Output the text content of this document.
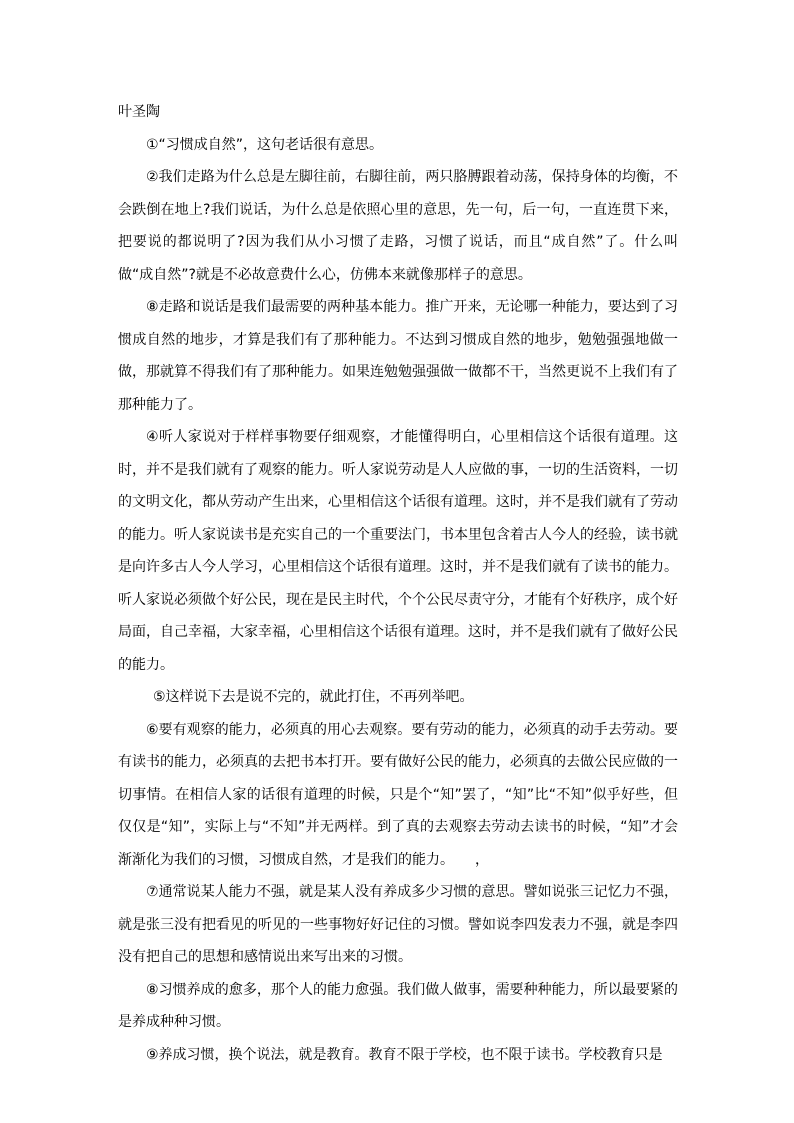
叶圣陶

①“习惯成自然”，这句老话很有意思。

②我们走路为什么总是左脚往前，右脚往前，两只胳膊跟着动荡，保持身体的均衡，不会跌倒在地上?我们说话，为什么总是依照心里的意思，先一句，后一句，一直连贯下来，把要说的都说明了?因为我们从小习惯了走路，习惯了说话，而且“成自然”了。什么叫做“成自然”?就是不必故意费什么心，仿佛本来就像那样子的意思。

⑧走路和说话是我们最需要的两种基本能力。推广开来，无论哪一种能力，要达到了习惯成自然的地步，才算是我们有了那种能力。不达到习惯成自然的地步，勉勉强强地做一做，那就算不得我们有了那种能力。如果连勉勉强强做一做都不干，当然更说不上我们有了那种能力了。

④听人家说对于样样事物要仔细观察，才能懂得明白，心里相信这个话很有道理。这时，并不是我们就有了观察的能力。听人家说劳动是人人应做的事，一切的生活资料，一切的文明文化，都从劳动产生出来，心里相信这个话很有道理。这时，并不是我们就有了劳动的能力。听人家说读书是充实自己的一个重要法门，书本里包含着古人今人的经验，读书就是向许多古人今人学习，心里相信这个话很有道理。这时，并不是我们就有了读书的能力。听人家说必须做个好公民，现在是民主时代，个个公民尽责守分，才能有个好秩序，成个好局面，自己幸福，大家幸福，心里相信这个话很有道理。这时，并不是我们就有了做好公民的能力。

⑤这样说下去是说不完的，就此打住，不再列举吧。

⑥要有观察的能力，必须真的用心去观察。要有劳动的能力，必须真的动手去劳动。要有读书的能力，必须真的去把书本打开。要有做好公民的能力，必须真的去做公民应做的一切事情。在相信人家的话很有道理的时候，只是个“知”罢了，“知”比“不知”似乎好些，但仅仅是“知”，实际上与“不知”并无两样。到了真的去观察去劳动去读书的时候，“知”才会渐渐化为我们的习惯，习惯成自然，才是我们的能力。　　，

⑦通常说某人能力不强，就是某人没有养成多少习惯的意思。譬如说张三记忆力不强，就是张三没有把看见的听见的一些事物好好记住的习惯。譬如说李四发表力不强，就是李四没有把自己的思想和感情说出来写出来的习惯。

⑧习惯养成的愈多，那个人的能力愈强。我们做人做事，需要种种能力，所以最要紧的是养成种种习惯。

⑨养成习惯，换个说法，就是教育。教育不限于学校，也不限于读书。学校教育只是
